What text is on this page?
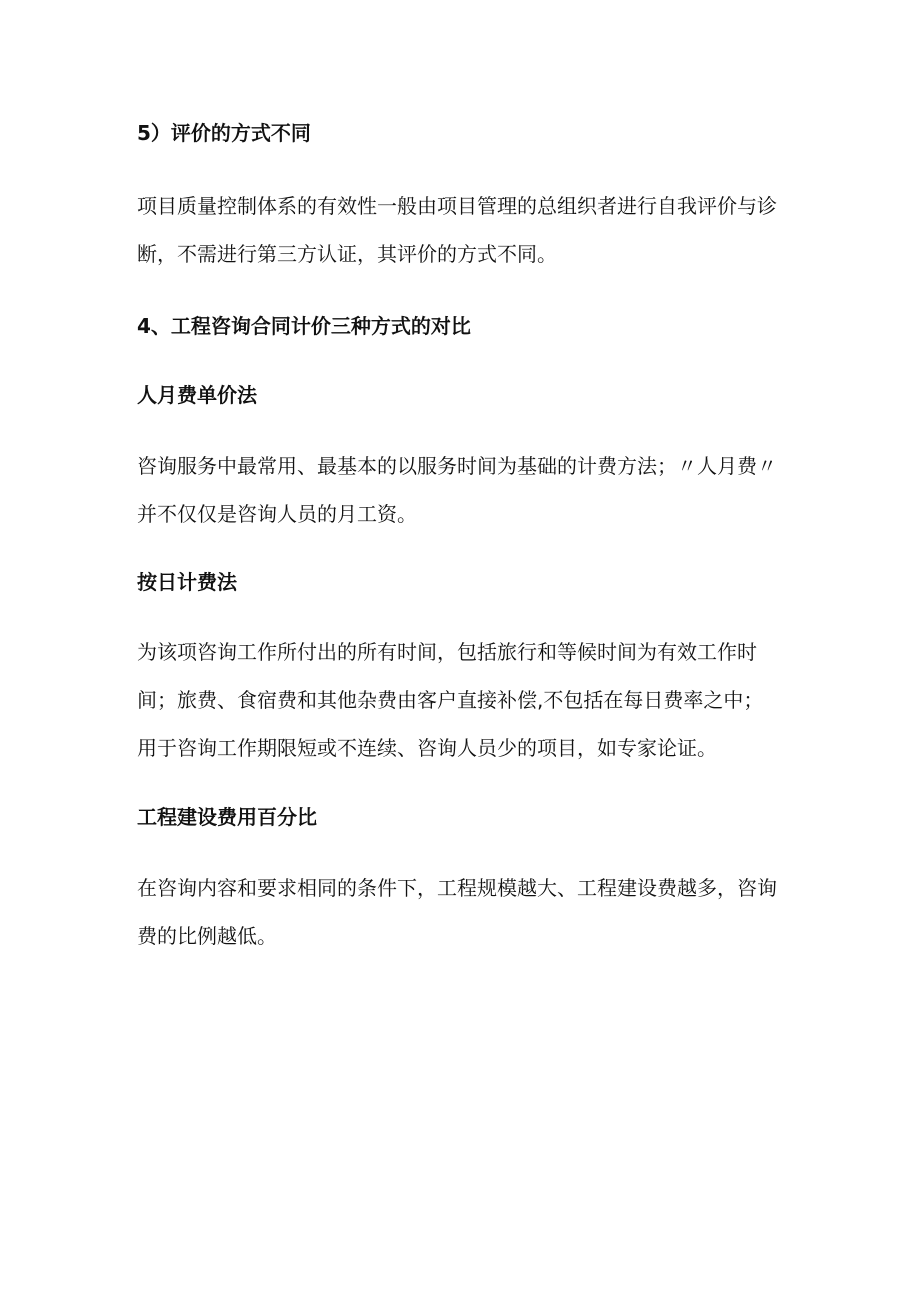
5）评价的方式不同
项目质量控制体系的有效性一般由项目管理的总组织者进行自我评价与诊
断，不需进行第三方认证，其评价的方式不同。
4、工程咨询合同计价三种方式的对比
人月费单价法
咨询服务中最常用、最基本的以服务时间为基础的计费方法；〃人月费〃
并不仅仅是咨询人员的月工资。
按日计费法
为该项咨询工作所付出的所有时间，包括旅行和等候时间为有效工作时
间；旅费、食宿费和其他杂费由客户直接补偿,不包括在每日费率之中；
用于咨询工作期限短或不连续、咨询人员少的项目，如专家论证。
工程建设费用百分比
在咨询内容和要求相同的条件下，工程规模越大、工程建设费越多，咨询
费的比例越低。
